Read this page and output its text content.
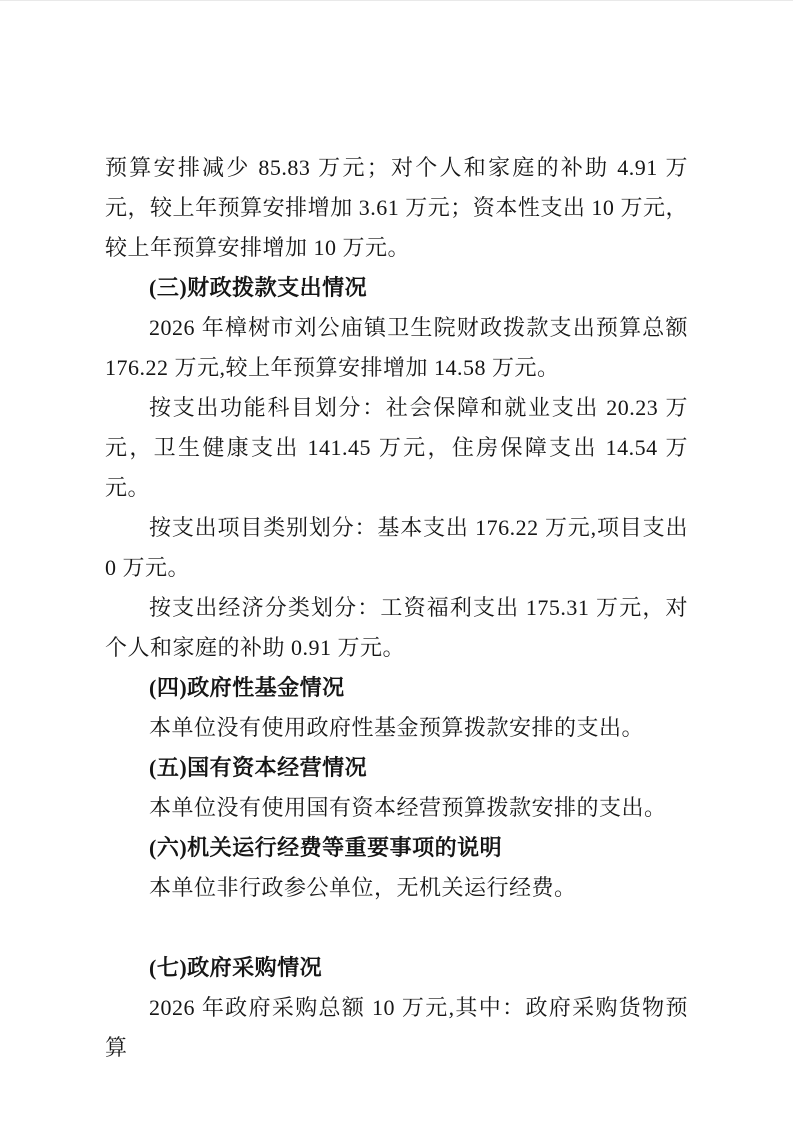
预算安排减少 85.83 万元；对个人和家庭的补助 4.91 万元，较上年预算安排增加 3.61 万元；资本性支出 10 万元，较上年预算安排增加 10 万元。

(三)财政拨款支出情况

2026 年樟树市刘公庙镇卫生院财政拨款支出预算总额 176.22 万元,较上年预算安排增加 14.58 万元。

按支出功能科目划分：社会保障和就业支出 20.23 万元，卫生健康支出 141.45 万元，住房保障支出 14.54 万元。

按支出项目类别划分：基本支出 176.22 万元,项目支出 0 万元。

按支出经济分类划分：工资福利支出 175.31 万元，对个人和家庭的补助 0.91 万元。

(四)政府性基金情况

本单位没有使用政府性基金预算拨款安排的支出。

(五)国有资本经营情况

本单位没有使用国有资本经营预算拨款安排的支出。

(六)机关运行经费等重要事项的说明

本单位非行政参公单位，无机关运行经费。

(七)政府采购情况

2026 年政府采购总额 10 万元,其中：政府采购货物预算
